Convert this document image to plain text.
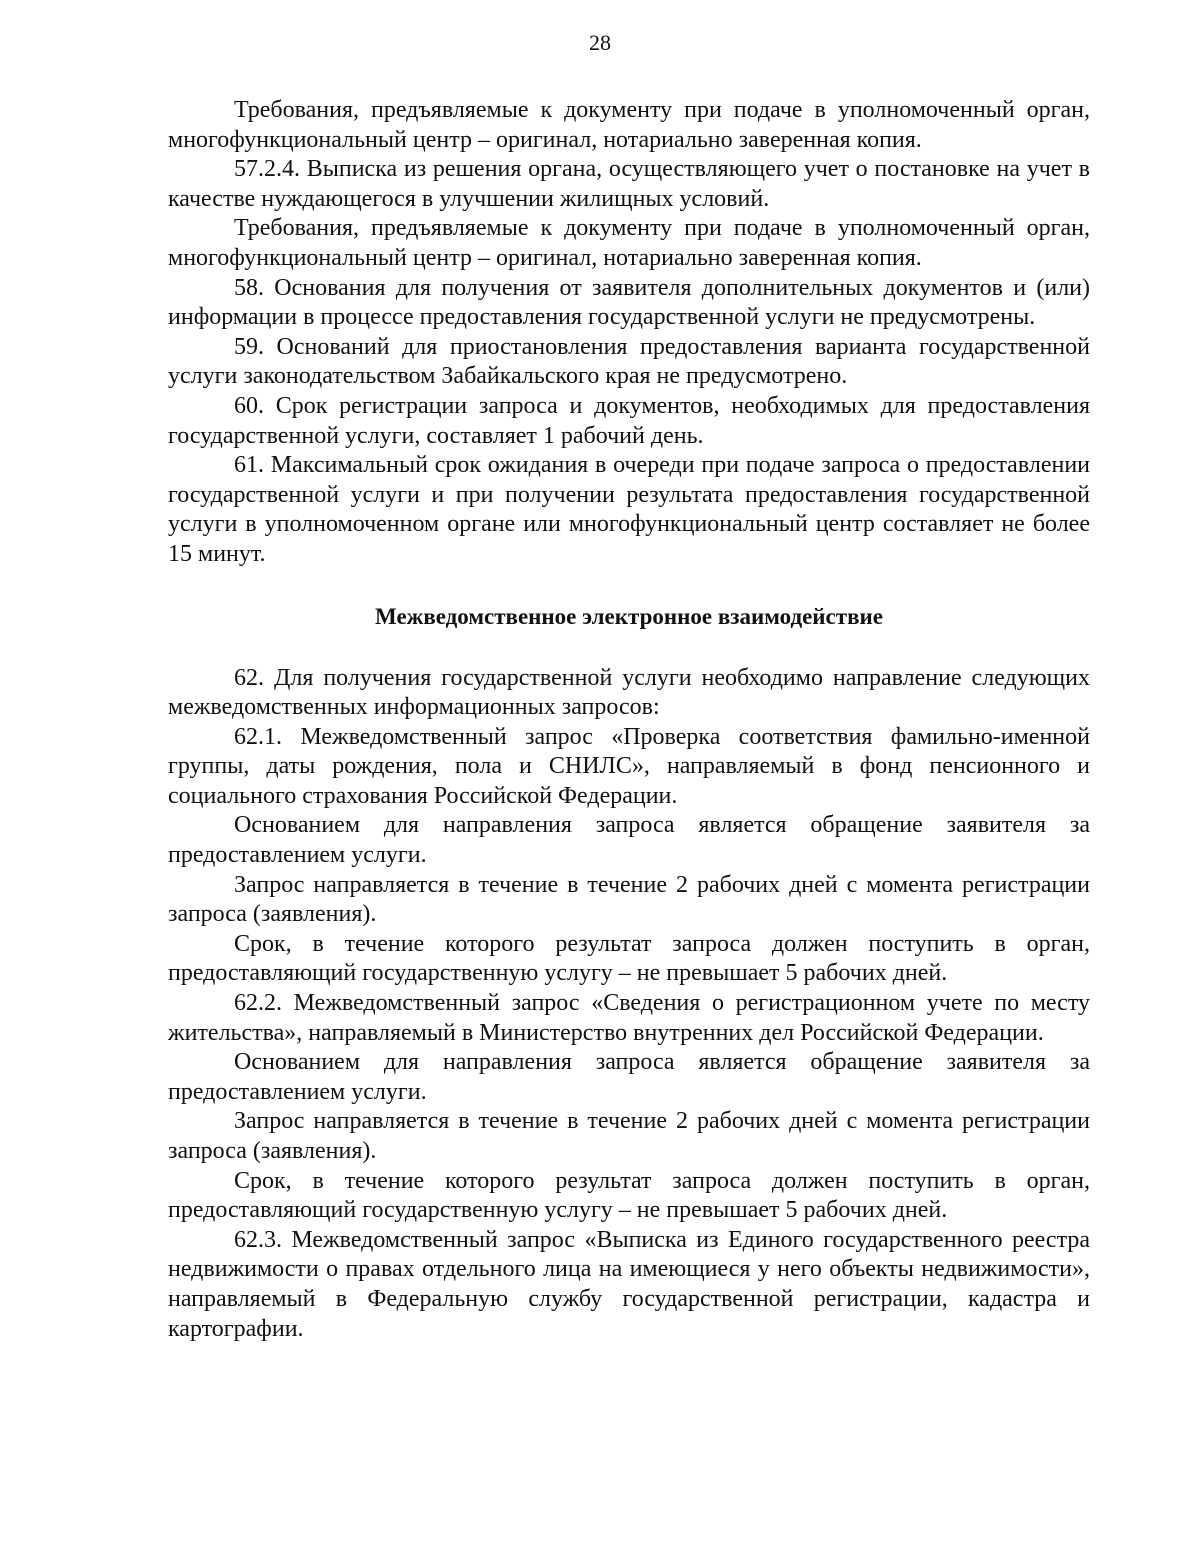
28

Требования, предъявляемые к документу при подаче в уполномоченный орган, многофункциональный центр – оригинал, нотариально заверенная копия.

57.2.4. Выписка из решения органа, осуществляющего учет о постановке на учет в качестве нуждающегося в улучшении жилищных условий.

Требования, предъявляемые к документу при подаче в уполномоченный орган, многофункциональный центр – оригинал, нотариально заверенная копия.

58. Основания для получения от заявителя дополнительных документов и (или) информации в процессе предоставления государственной услуги не предусмотрены.

59. Оснований для приостановления предоставления варианта государственной услуги законодательством Забайкальского края не предусмотрено.

60. Срок регистрации запроса и документов, необходимых для предоставления государственной услуги, составляет 1 рабочий день.

61. Максимальный срок ожидания в очереди при подаче запроса о предоставлении государственной услуги и при получении результата предоставления государственной услуги в уполномоченном органе или многофункциональный центр составляет не более 15 минут.

Межведомственное электронное взаимодействие

62. Для получения государственной услуги необходимо направление следующих межведомственных информационных запросов:

62.1. Межведомственный запрос «Проверка соответствия фамильно-именной группы, даты рождения, пола и СНИЛС», направляемый в фонд пенсионного и социального страхования Российской Федерации.

Основанием для направления запроса является обращение заявителя за предоставлением услуги.

Запрос направляется в течение в течение 2 рабочих дней с момента регистрации запроса (заявления).

Срок, в течение которого результат запроса должен поступить в орган, предоставляющий государственную услугу – не превышает 5 рабочих дней.

62.2. Межведомственный запрос «Сведения о регистрационном учете по месту жительства», направляемый в Министерство внутренних дел Российской Федерации.

Основанием для направления запроса является обращение заявителя за предоставлением услуги.

Запрос направляется в течение в течение 2 рабочих дней с момента регистрации запроса (заявления).

Срок, в течение которого результат запроса должен поступить в орган, предоставляющий государственную услугу – не превышает 5 рабочих дней.

62.3. Межведомственный запрос «Выписка из Единого государственного реестра недвижимости о правах отдельного лица на имеющиеся у него объекты недвижимости», направляемый в Федеральную службу государственной регистрации, кадастра и картографии.
